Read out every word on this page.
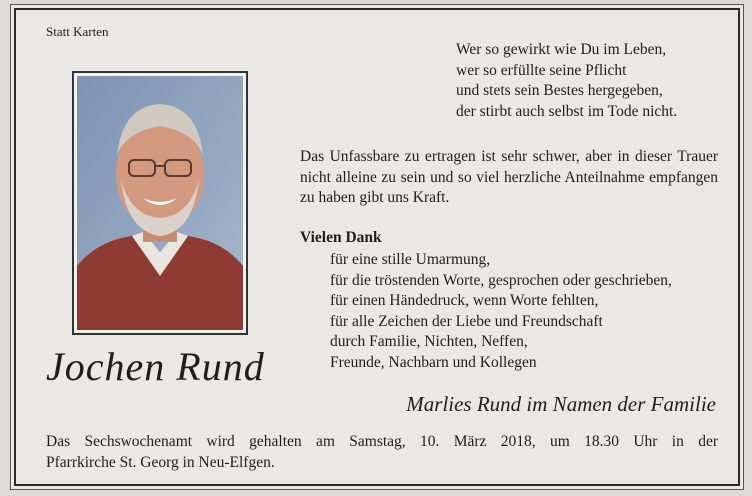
Statt Karten
Wer so gewirkt wie Du im Leben,
wer so erfüllte seine Pflicht
und stets sein Bestes hergegeben,
der stirbt auch selbst im Tode nicht.

Das Unfassbare zu ertragen ist sehr schwer, aber in dieser Trauer nicht alleine zu sein und so viel herzliche Anteilnahme empfangen zu haben gibt uns Kraft.

Vielen Dank
für eine stille Umarmung,
für die tröstenden Worte, gesprochen oder geschrieben,
für einen Händedruck, wenn Worte fehlten,
für alle Zeichen der Liebe und Freundschaft
durch Familie, Nichten, Neffen,
Freunde, Nachbarn und Kollegen
Jochen Rund
Marlies Rund im Namen der Familie
Das Sechswochenamt wird gehalten am Samstag, 10. März 2018, um 18.30 Uhr in der
Pfarrkirche St. Georg in Neu-Elfgen.
